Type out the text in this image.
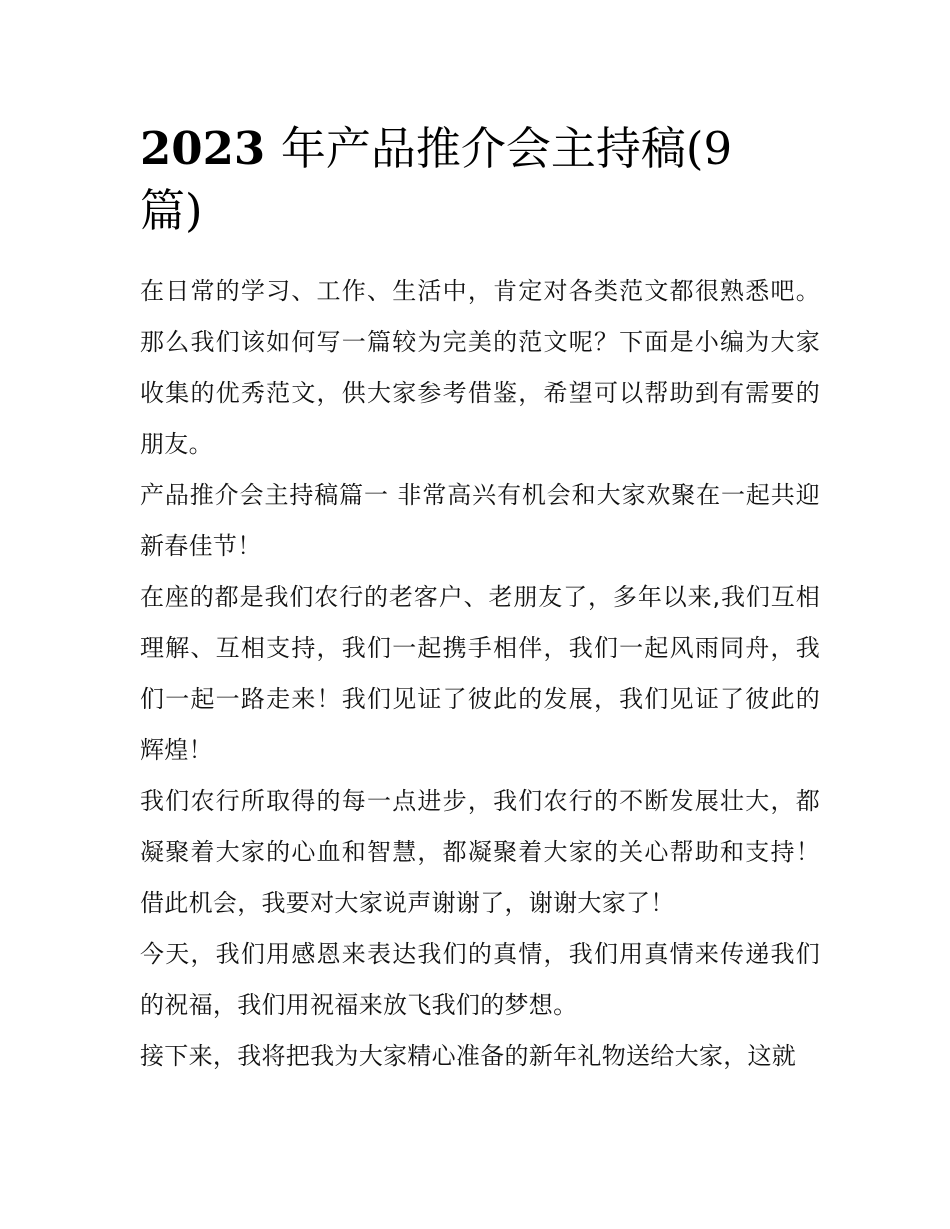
2023 年产品推介会主持稿(9篇)

在日常的学习、工作、生活中，肯定对各类范文都很熟悉吧。那么我们该如何写一篇较为完美的范文呢？下面是小编为大家收集的优秀范文，供大家参考借鉴，希望可以帮助到有需要的朋友。

产品推介会主持稿篇一 非常高兴有机会和大家欢聚在一起共迎新春佳节！

在座的都是我们农行的老客户、老朋友了，多年以来,我们互相理解、互相支持，我们一起携手相伴，我们一起风雨同舟，我们一起一路走来！我们见证了彼此的发展，我们见证了彼此的辉煌！

我们农行所取得的每一点进步，我们农行的不断发展壮大，都凝聚着大家的心血和智慧，都凝聚着大家的关心帮助和支持！借此机会，我要对大家说声谢谢了，谢谢大家了！

今天，我们用感恩来表达我们的真情，我们用真情来传递我们的祝福，我们用祝福来放飞我们的梦想。

接下来，我将把我为大家精心准备的新年礼物送给大家，这就
